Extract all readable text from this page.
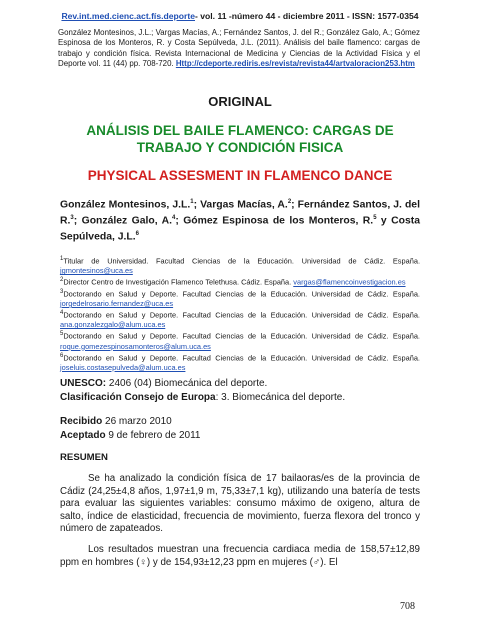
Rev.int.med.cienc.act.fís.deporte- vol. 11 -número 44 - diciembre 2011 - ISSN: 1577-0354
González Montesinos, J.L.; Vargas Macías, A.; Fernández Santos, J. del R.; González Galo, A.; Gómez Espinosa de los Monteros, R. y Costa Sepúlveda, J.L. (2011). Análisis del baile flamenco: cargas de trabajo y condición física. Revista Internacional de Medicina y Ciencias de la Actividad Física y el Deporte vol. 11 (44) pp. 708-720. Http://cdeporte.rediris.es/revista/revista44/artvaloracion253.htm
ORIGINAL
ANÁLISIS DEL BAILE FLAMENCO: CARGAS DE TRABAJO Y CONDICIÓN FISICA
PHYSICAL ASSESMENT IN FLAMENCO DANCE
González Montesinos, J.L.$^1$; Vargas Macías, A.$^2$; Fernández Santos, J. del R.$^3$; González Galo, A.$^4$; Gómez Espinosa de los Monteros, R.$^5$ y Costa Sepúlveda, J.L.$^6$

$^1$Titular de Universidad. Facultad Ciencias de la Educación. Universidad de Cádiz. España. jgmontesinos@uca.es

$^2$Director Centro de Investigación Flamenco Telethusa. Cádiz. España. vargas@flamencoinvestigacion.es

$^3$Doctorando en Salud y Deporte. Facultad Ciencias de la Educación. Universidad de Cádiz. España. jorgedelrosario.fernandez@uca.es

$^4$Doctorando en Salud y Deporte. Facultad Ciencias de la Educación. Universidad de Cádiz. España. ana.gonzalezgalo@alum.uca.es

$^5$Doctorando en Salud y Deporte. Facultad Ciencias de la Educación. Universidad de Cádiz. España. roque.gomezespinosamonteros@alum.uca.es

$^6$Doctorando en Salud y Deporte. Facultad Ciencias de la Educación. Universidad de Cádiz. España. joseluis.costasepulveda@alum.uca.es

UNESCO: 2406 (04) Biomecánica del deporte.
Clasificación Consejo de Europa: 3. Biomecánica del deporte.
Recibido 26 marzo 2010
Aceptado 9 de febrero de 2011
RESUMEN
Se ha analizado la condición física de 17 bailaoras/es de la provincia de Cádiz (24,25±4,8 años, 1,97±1,9 m, 75,33±7,1 kg), utilizando una batería de tests para evaluar las siguientes variables: consumo máximo de oxigeno, altura de salto, índice de elasticidad, frecuencia de movimiento, fuerza flexora del tronco y número de zapateados.
Los resultados muestran una frecuencia cardiaca media de 158,57±12,89 ppm en hombres (♀) y de 154,93±12,23 ppm en mujeres (♂). El
708
